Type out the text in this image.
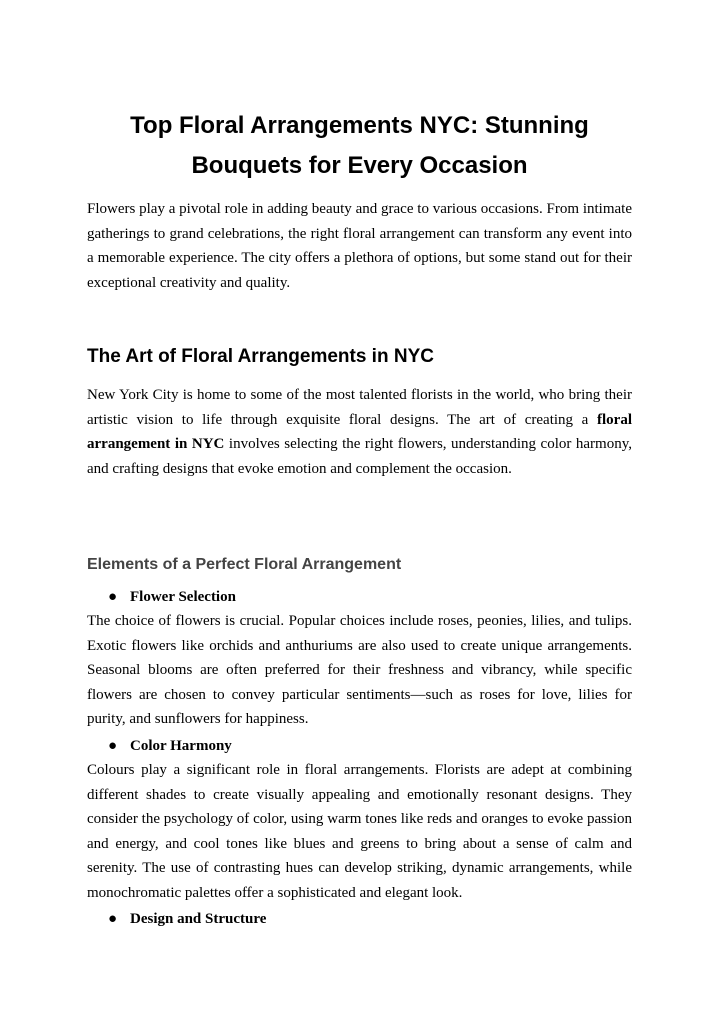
Top Floral Arrangements NYC: Stunning Bouquets for Every Occasion

Flowers play a pivotal role in adding beauty and grace to various occasions. From intimate gatherings to grand celebrations, the right floral arrangement can transform any event into a memorable experience. The city offers a plethora of options, but some stand out for their exceptional creativity and quality.

The Art of Floral Arrangements in NYC

New York City is home to some of the most talented florists in the world, who bring their artistic vision to life through exquisite floral designs. The art of creating a floral arrangement in NYC involves selecting the right flowers, understanding color harmony, and crafting designs that evoke emotion and complement the occasion.

Elements of a Perfect Floral Arrangement
● Flower Selection

The choice of flowers is crucial. Popular choices include roses, peonies, lilies, and tulips. Exotic flowers like orchids and anthuriums are also used to create unique arrangements. Seasonal blooms are often preferred for their freshness and vibrancy, while specific flowers are chosen to convey particular sentiments—such as roses for love, lilies for purity, and sunflowers for happiness.

● Color Harmony

Colours play a significant role in floral arrangements. Florists are adept at combining different shades to create visually appealing and emotionally resonant designs. They consider the psychology of color, using warm tones like reds and oranges to evoke passion and energy, and cool tones like blues and greens to bring about a sense of calm and serenity. The use of contrasting hues can develop striking, dynamic arrangements, while monochromatic palettes offer a sophisticated and elegant look.

● Design and Structure
